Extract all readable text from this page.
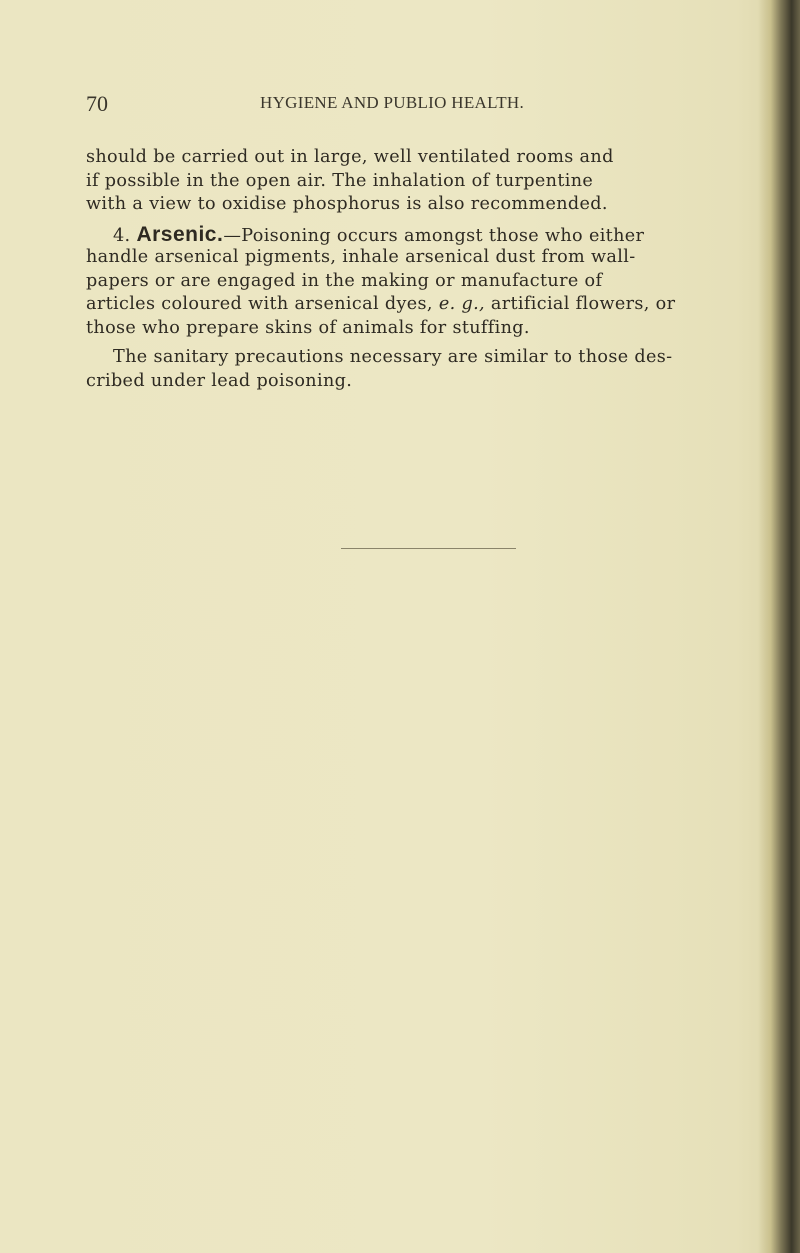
70	HYGIENE AND PUBLIO HEALTH.
should be carried out in large, well ventilated rooms and
if possible in the open air. The inhalation of turpentine
with a view to oxidise phosphorus is also recommended.
4. Arsenic.—Poisoning occurs amongst those who either
handle arsenical pigments, inhale arsenical dust from wall-
papers or are engaged in the making or manufacture of
articles coloured with arsenical dyes, e. g., artificial flowers, or
those who prepare skins of animals for stuffing.
The sanitary precautions necessary are similar to those des-
cribed under lead poisoning.
